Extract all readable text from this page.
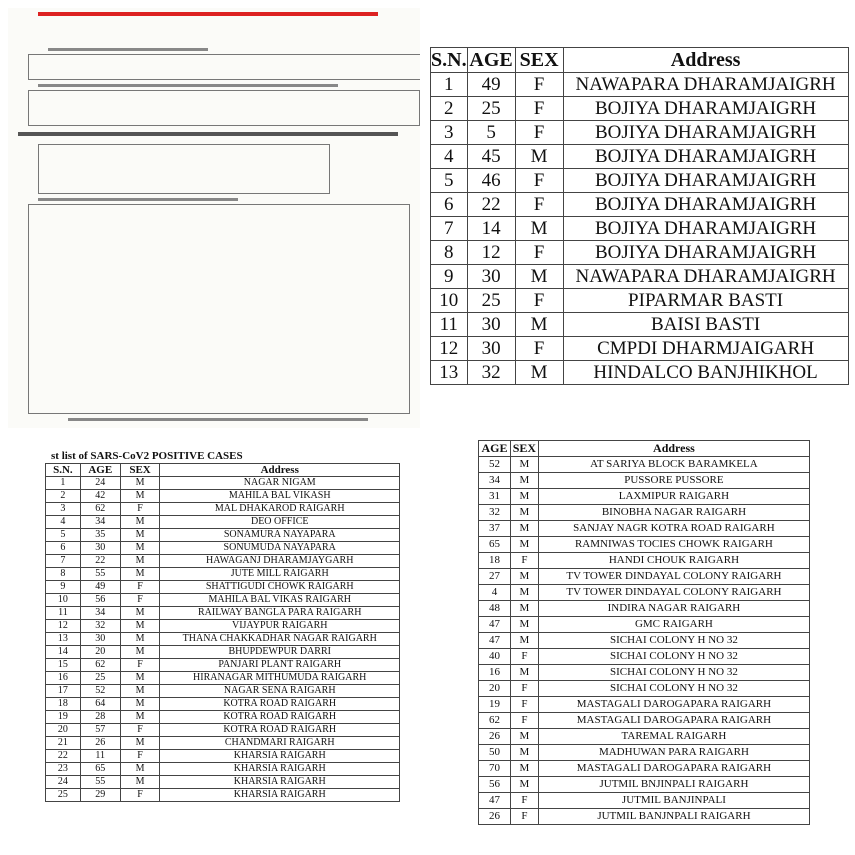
S.N.	AGE	SEX	Address
1	49	F	NAWAPARA DHARAMJAIGRH
2	25	F	BOJIYA DHARAMJAIGRH
3	5	F	BOJIYA DHARAMJAIGRH
4	45	M	BOJIYA DHARAMJAIGRH
5	46	F	BOJIYA DHARAMJAIGRH
6	22	F	BOJIYA DHARAMJAIGRH
7	14	M	BOJIYA DHARAMJAIGRH
8	12	F	BOJIYA DHARAMJAIGRH
9	30	M	NAWAPARA DHARAMJAIGRH
10	25	F	PIPARMAR BASTI
11	30	M	BAISI BASTI
12	30	F	CMPDI DHARMJAIGARH
13	32	M	HINDALCO BANJHIKHOL
st list of SARS-CoV2 POSITIVE CASES
S.N.	AGE	SEX	Address
1	24	M	NAGAR NIGAM
2	42	M	MAHILA BAL VIKASH
3	62	F	MAL DHAKAROD RAIGARH
4	34	M	DEO OFFICE
5	35	M	SONAMURA NAYAPARA
6	30	M	SONUMUDA NAYAPARA
7	22	M	HAWAGANJ DHARAMJAYGARH
8	55	M	JUTE MILL RAIGARH
9	49	F	SHATTIGUDI CHOWK RAIGARH
10	56	F	MAHILA BAL VIKAS RAIGARH
11	34	M	RAILWAY BANGLA PARA RAIGARH
12	32	M	VIJAYPUR RAIGARH
13	30	M	THANA CHAKKADHAR NAGAR RAIGARH
14	20	M	BHUPDEWPUR DARRI
15	62	F	PANJARI PLANT RAIGARH
16	25	M	HIRANAGAR MITHUMUDA RAIGARH
17	52	M	NAGAR SENA RAIGARH
18	64	M	KOTRA ROAD RAIGARH
19	28	M	KOTRA ROAD RAIGARH
20	57	F	KOTRA ROAD RAIGARH
21	26	M	CHANDMARI RAIGARH
22	11	F	KHARSIA RAIGARH
23	65	M	KHARSIA RAIGARH
24	55	M	KHARSIA RAIGARH
25	29	F	KHARSIA RAIGARH
AGE	SEX	Address
52	M	AT SARIYA BLOCK BARAMKELA
34	M	PUSSORE PUSSORE
31	M	LAXMIPUR RAIGARH
32	M	BINOBHA NAGAR RAIGARH
37	M	SANJAY NAGR KOTRA ROAD RAIGARH
65	M	RAMNIWAS TOCIES CHOWK RAIGARH
18	F	HANDI CHOUK RAIGARH
27	M	TV TOWER DINDAYAL COLONY RAIGARH
4	M	TV TOWER DINDAYAL COLONY RAIGARH
48	M	INDIRA NAGAR RAIGARH
47	M	GMC RAIGARH
47	M	SICHAI COLONY H NO 32
40	F	SICHAI COLONY H NO 32
16	M	SICHAI COLONY H NO 32
20	F	SICHAI COLONY H NO 32
19	F	MASTAGALI DAROGAPARA RAIGARH
62	F	MASTAGALI DAROGAPARA RAIGARH
26	M	TAREMAL RAIGARH
50	M	MADHUWAN PARA RAIGARH
70	M	MASTAGALI DAROGAPARA RAIGARH
56	M	JUTMIL BNJINPALI RAIGARH
47	F	JUTMIL BANJINPALI
26	F	JUTMIL BANJNPALI RAIGARH
